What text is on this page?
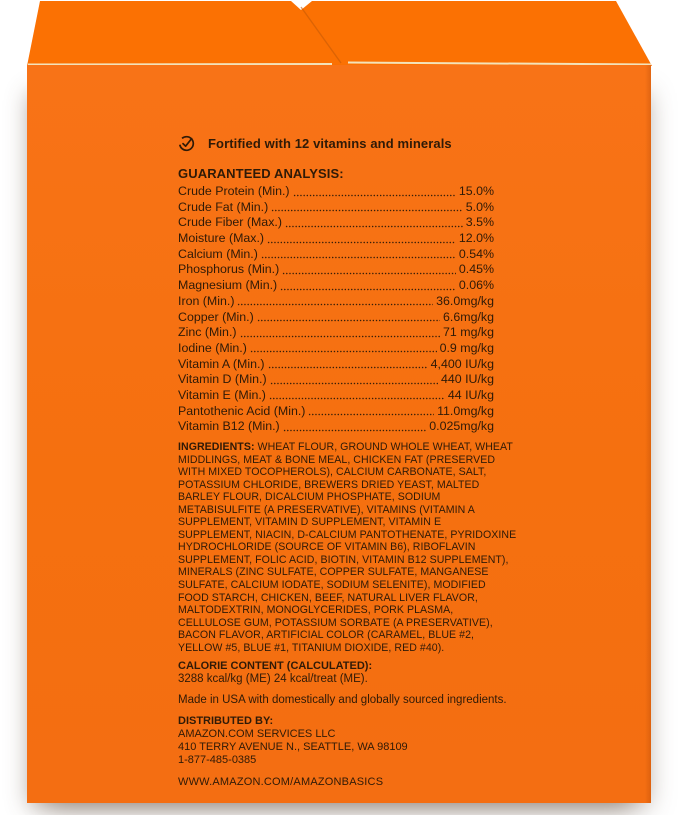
Fortified with 12 vitamins and minerals
GUARANTEED ANALYSIS:
Crude Protein (Min.)	15.0%
Crude Fat (Min.)	5.0%
Crude Fiber (Max.)	3.5%
Moisture (Max.)	12.0%
Calcium (Min.)	0.54%
Phosphorus (Min.)	0.45%
Magnesium (Min.)	0.06%
Iron (Min.)	36.0mg/kg
Copper (Min.)	6.6mg/kg
Zinc (Min.)	71 mg/kg
Iodine (Min.)	0.9 mg/kg
Vitamin A (Min.)	4,400 IU/kg
Vitamin D (Min.)	440 IU/kg
Vitamin E (Min.)	44 IU/kg
Pantothenic Acid (Min.)	11.0mg/kg
Vitamin B12 (Min.)	0.025mg/kg
INGREDIENTS: WHEAT FLOUR, GROUND WHOLE WHEAT, WHEAT MIDDLINGS, MEAT & BONE MEAL, CHICKEN FAT (PRESERVED WITH MIXED TOCOPHEROLS), CALCIUM CARBONATE, SALT, POTASSIUM CHLORIDE, BREWERS DRIED YEAST, MALTED BARLEY FLOUR, DICALCIUM PHOSPHATE, SODIUM METABISULFITE (A PRESERVATIVE), VITAMINS (VITAMIN A SUPPLEMENT, VITAMIN D SUPPLEMENT, VITAMIN E SUPPLEMENT, NIACIN, D-CALCIUM PANTOTHENATE, PYRIDOXINE HYDROCHLORIDE (SOURCE OF VITAMIN B6), RIBOFLAVIN SUPPLEMENT, FOLIC ACID, BIOTIN, VITAMIN B12 SUPPLEMENT), MINERALS (ZINC SULFATE, COPPER SULFATE, MANGANESE SULFATE, CALCIUM IODATE, SODIUM SELENITE), MODIFIED FOOD STARCH, CHICKEN, BEEF, NATURAL LIVER FLAVOR, MALTODEXTRIN, MONOGLYCERIDES, PORK PLASMA, CELLULOSE GUM, POTASSIUM SORBATE (A PRESERVATIVE), BACON FLAVOR, ARTIFICIAL COLOR (CARAMEL, BLUE #2, YELLOW #5, BLUE #1, TITANIUM DIOXIDE, RED #40).
CALORIE CONTENT (CALCULATED):
3288 kcal/kg (ME) 24 kcal/treat (ME).
Made in USA with domestically and globally sourced ingredients.
DISTRIBUTED BY:
AMAZON.COM SERVICES LLC
410 TERRY AVENUE N., SEATTLE, WA 98109
1-877-485-0385
WWW.AMAZON.COM/AMAZONBASICS
